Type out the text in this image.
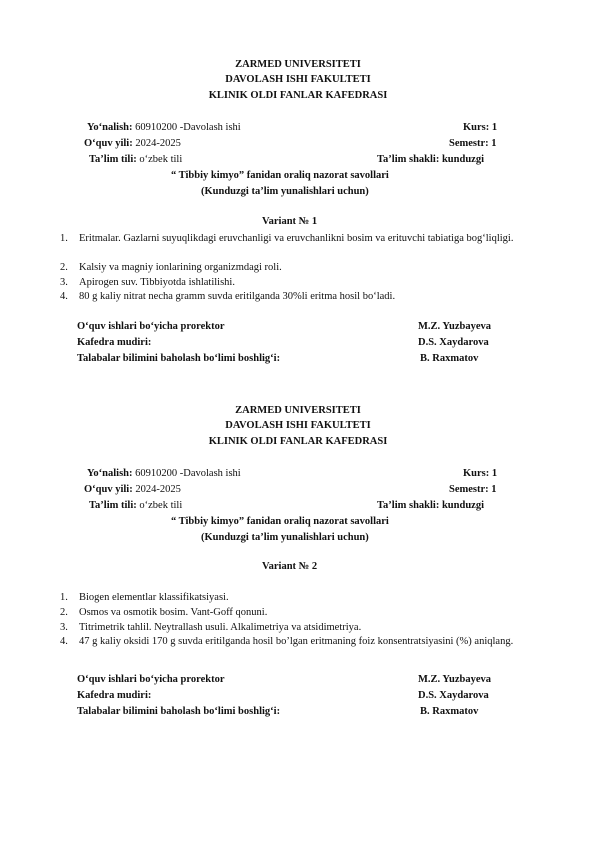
ZARMED UNIVERSITETI
DAVOLASH ISHI FAKULTETI
KLINIK OLDI FANLAR KAFEDRASI
Yo‘nalish: 60910200 -Davolash ishi	Kurs: 1
O‘quv yili: 2024-2025	Semestr: 1
Ta’lim tili: o‘zbek tili	Ta’lim shakli: kunduzgi
“ Tibbiy kimyo” fanidan oraliq nazorat savollari
(Kunduzgi ta’lim yunalishlari uchun)
Variant № 1
1.	Eritmalar. Gazlarni suyuqlikdagi eruvchanligi va eruvchanlikni bosim va erituvchi tabiatiga bog‘liqligi.
2.	Kalsiy va magniy ionlarining organizmdagi roli.
3.	Apirogen suv. Tibbiyotda ishlatilishi.
4.	80 g kaliy nitrat necha gramm suvda eritilganda 30%li eritma hosil bo‘ladi.
O‘quv ishlari bo‘yicha prorektor	M.Z. Yuzbayeva
Kafedra mudiri:	D.S. Xaydarova
Talabalar bilimini baholash bo‘limi boshlig‘i:	B. Raxmatov
ZARMED UNIVERSITETI
DAVOLASH ISHI FAKULTETI
KLINIK OLDI FANLAR KAFEDRASI
Yo‘nalish: 60910200 -Davolash ishi	Kurs: 1
O‘quv yili: 2024-2025	Semestr: 1
Ta’lim tili: o‘zbek tili	Ta’lim shakli: kunduzgi
“ Tibbiy kimyo” fanidan oraliq nazorat savollari
(Kunduzgi ta’lim yunalishlari uchun)
Variant № 2
1.	Biogen elementlar klassifikatsiyasi.
2.	Osmos va osmotik bosim. Vant-Goff qonuni.
3.	Titrimetrik tahlil. Neytrallash usuli. Alkalimetriya va atsidimetriya.
4.	47 g kaliy oksidi 170 g suvda eritilganda hosil bo’lgan eritmaning foiz konsentratsiyasini (%) aniqlang.
O‘quv ishlari bo‘yicha prorektor	M.Z. Yuzbayeva
Kafedra mudiri:	D.S. Xaydarova
Talabalar bilimini baholash bo‘limi boshlig‘i:	B. Raxmatov
